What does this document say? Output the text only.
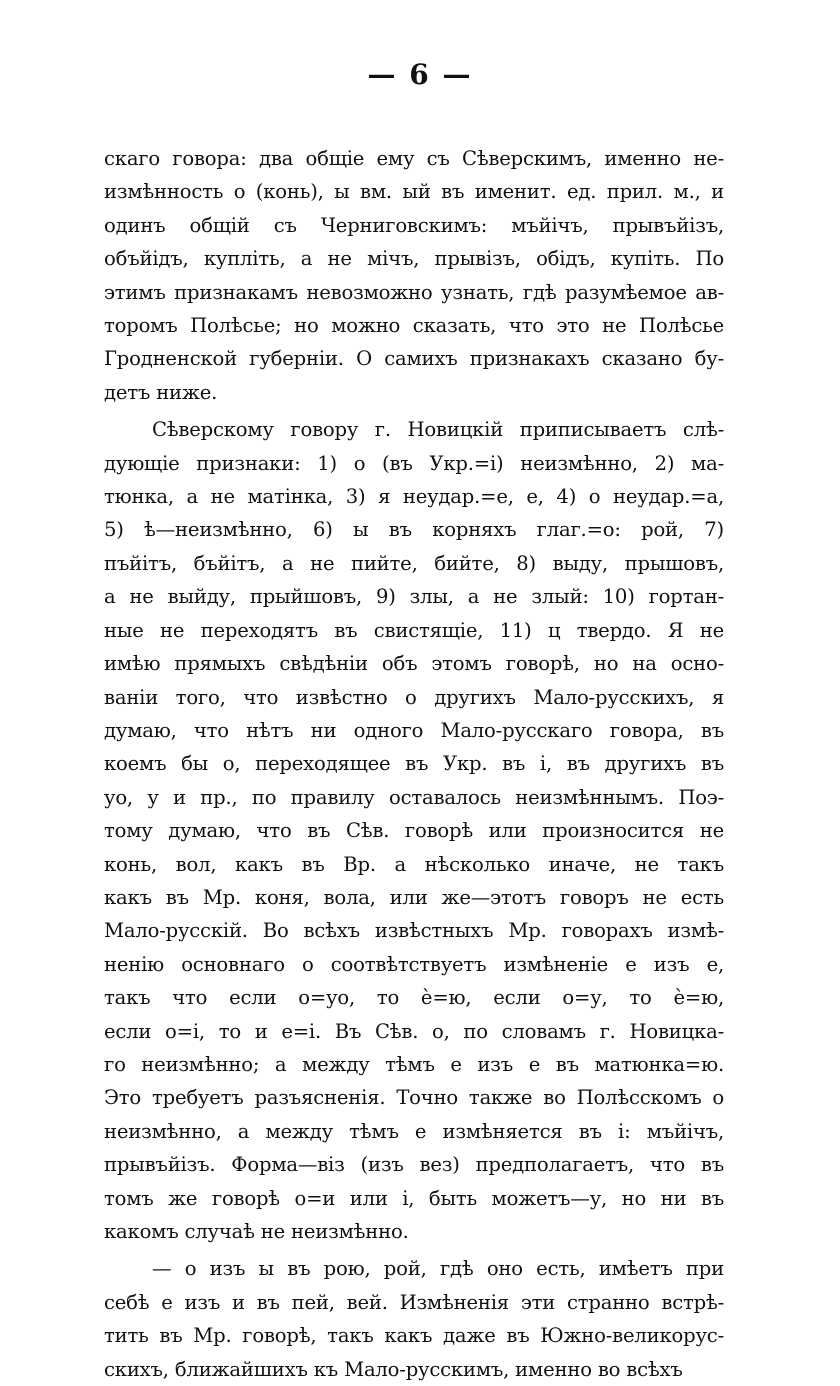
— 6 —

скаго говора: два общіе ему съ Сѣверскимъ, именно не-
измѣнность о (конь), ы вм. ый въ именит. ед. прил. м., и
одинъ общій съ Черниговскимъ: мъйічъ, прывъйізъ,
объйідъ, купліть, а не мічъ, прывізъ, обідъ, купіть. По
этимъ признакамъ невозможно узнать, гдѣ разумѣемое ав-
торомъ Полѣсье; но можно сказать, что это не Полѣсье
Гродненской губерніи. О самихъ признакахъ сказано бу-
детъ ниже.

Сѣверскому говору г. Новицкій приписываетъ слѣ-
дующіе признаки: 1) о (въ Укр.=і) неизмѣнно, 2) ма-
тюнка, а не матінка, 3) я неудар.=е, е, 4) о неудар.=а,
5) ѣ—неизмѣнно, 6) ы въ корняхъ глаг.=о: рой, 7)
пъйітъ, бъйітъ, а не пийте, бийте, 8) выду, прышовъ,
а не выйду, прыйшовъ, 9) злы, а не злый: 10) гортан-
ные не переходятъ въ свистящіе, 11) ц твердо. Я не
имѣю прямыхъ свѣдѣніи объ этомъ говорѣ, но на осно-
ваніи того, что извѣстно о другихъ Мало-русскихъ, я
думаю, что нѣтъ ни одного Мало-русскаго говора, въ
коемъ бы о, переходящее въ Укр. въ і, въ другихъ въ
уо, у и пр., по правилу оставалось неизмѣннымъ. Поэ-
тому думаю, что въ Сѣв. говорѣ или произносится не
конь, вол, какъ въ Вр. а нѣсколько иначе, не такъ
какъ въ Мр. коня, вола, или же—этотъ говоръ не есть
Мало-русскій. Во всѣхъ извѣстныхъ Мр. говорахъ измѣ-
ненію основнаго о соотвѣтствуетъ измѣненіе е изъ е,
такъ что если о=уо, то è=ю, если о=у, то è=ю,
если о=і, то и е=і. Въ Сѣв. о, по словамъ г. Новицка-
го неизмѣнно; а между тѣмъ е изъ е въ матюнка=ю.
Это требуетъ разъясненія. Точно также во Полѣсскомъ о
неизмѣнно, а между тѣмъ е измѣняется въ і: мъйічъ,
прывъйізъ. Форма—віз (изъ вез) предполагаетъ, что въ
томъ же говорѣ о=и или і, быть можетъ—у, но ни въ
какомъ случаѣ не неизмѣнно.

— о изъ ы въ рою, рой, гдѣ оно есть, имѣетъ при
себѣ е изъ и въ пей, вей. Измѣненія эти странно встрѣ-
тить въ Мр. говорѣ, такъ какъ даже въ Южно-великорус-
скихъ, ближайшихъ къ Мало-русскимъ, именно во всѣхъ
